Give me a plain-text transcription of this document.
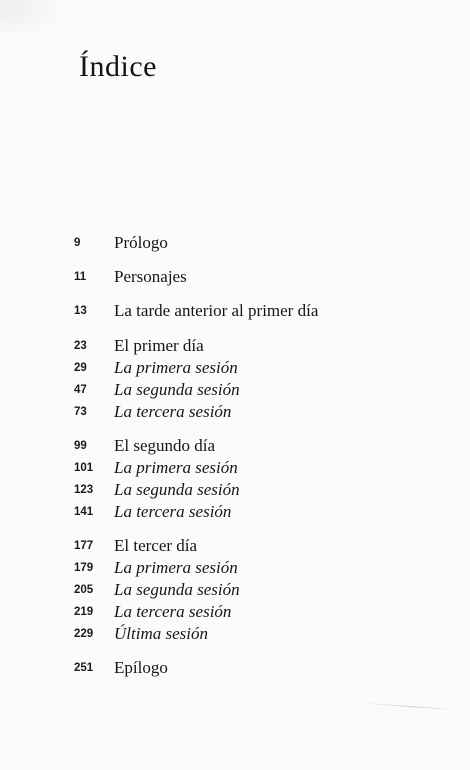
Índice
9	Prólogo
11	Personajes
13	La tarde anterior al primer día
23	El primer día
29	La primera sesión
47	La segunda sesión
73	La tercera sesión
99	El segundo día
101	La primera sesión
123	La segunda sesión
141	La tercera sesión
177	El tercer día
179	La primera sesión
205	La segunda sesión
219	La tercera sesión
229	Última sesión
251	Epílogo
